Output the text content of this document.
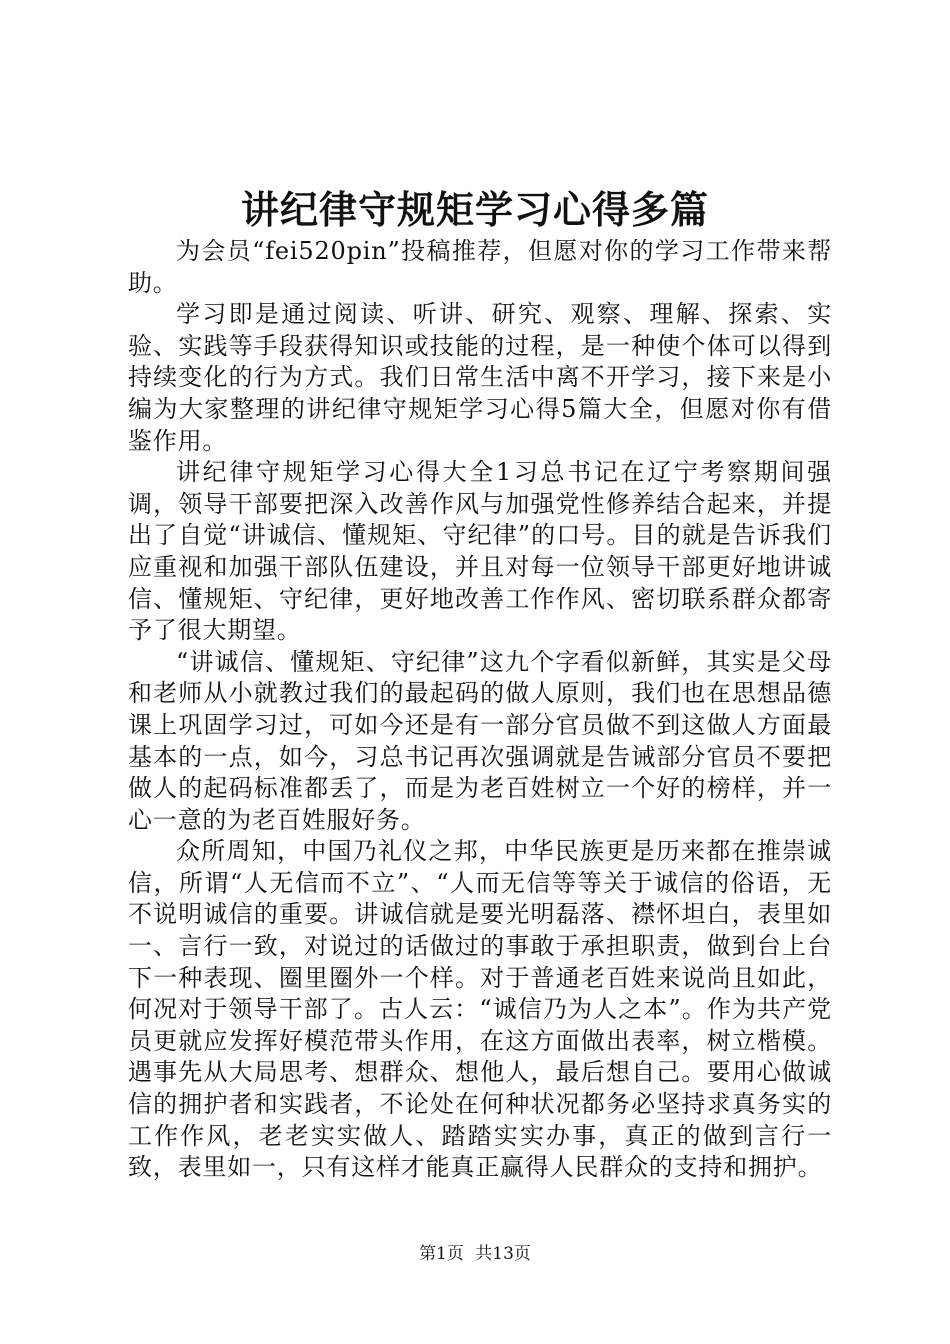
讲纪律守规矩学习心得多篇

为会员“fei520pin”投稿推荐，但愿对你的学习工作带来帮助。

学习即是通过阅读、听讲、研究、观察、理解、探索、实验、实践等手段获得知识或技能的过程，是一种使个体可以得到持续变化的行为方式。我们日常生活中离不开学习，接下来是小编为大家整理的讲纪律守规矩学习心得5篇大全，但愿对你有借鉴作用。

讲纪律守规矩学习心得大全1习总书记在辽宁考察期间强调，领导干部要把深入改善作风与加强党性修养结合起来，并提出了自觉“讲诚信、懂规矩、守纪律”的口号。目的就是告诉我们应重视和加强干部队伍建设，并且对每一位领导干部更好地讲诚信、懂规矩、守纪律，更好地改善工作作风、密切联系群众都寄予了很大期望。

“讲诚信、懂规矩、守纪律”这九个字看似新鲜，其实是父母和老师从小就教过我们的最起码的做人原则，我们也在思想品德课上巩固学习过，可如今还是有一部分官员做不到这做人方面最基本的一点，如今，习总书记再次强调就是告诫部分官员不要把做人的起码标准都丢了，而是为老百姓树立一个好的榜样，并一心一意的为老百姓服好务。

众所周知，中国乃礼仪之邦，中华民族更是历来都在推崇诚信，所谓“人无信而不立”、“人而无信等等关于诚信的俗语，无不说明诚信的重要。讲诚信就是要光明磊落、襟怀坦白，表里如一、言行一致，对说过的话做过的事敢于承担职责，做到台上台下一种表现、圈里圈外一个样。对于普通老百姓来说尚且如此，何况对于领导干部了。古人云：“诚信乃为人之本”。作为共产党员更就应发挥好模范带头作用，在这方面做出表率，树立楷模。遇事先从大局思考、想群众、想他人，最后想自己。要用心做诚信的拥护者和实践者，不论处在何种状况都务必坚持求真务实的工作作风，老老实实做人、踏踏实实办事，真正的做到言行一致，表里如一，只有这样才能真正赢得人民群众的支持和拥护。

第1页 共13页
